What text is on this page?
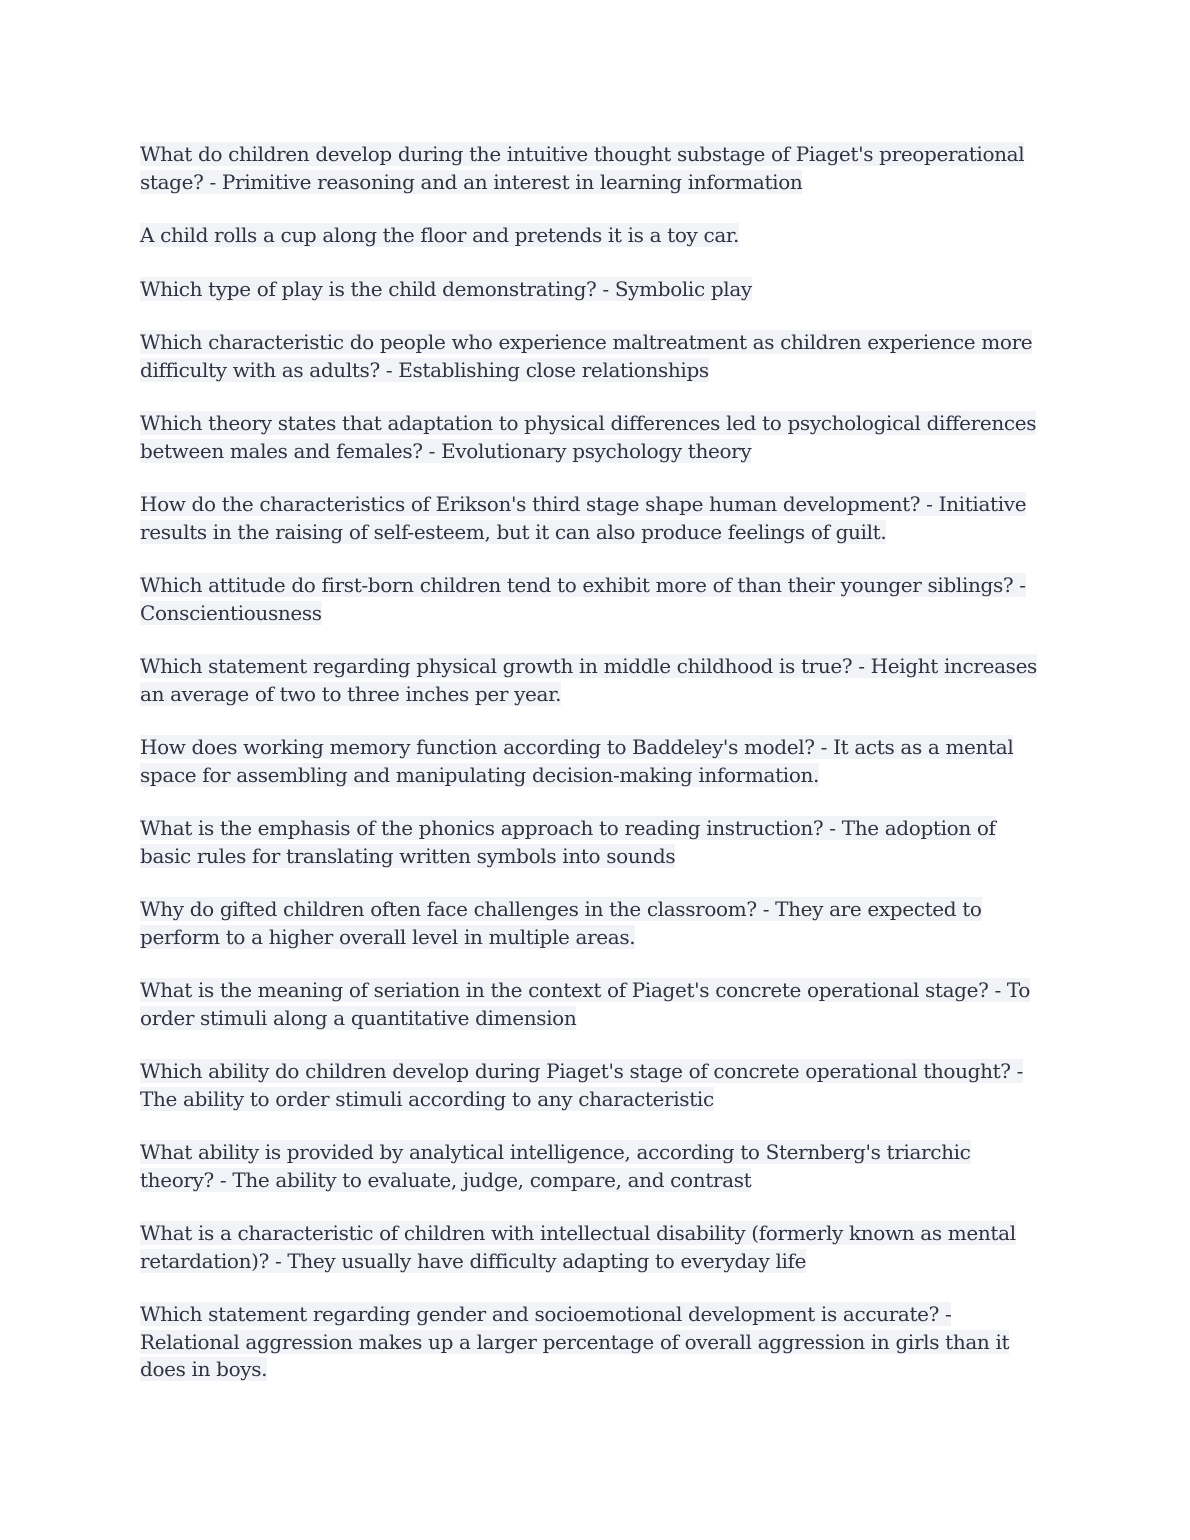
What do children develop during the intuitive thought substage of Piaget's preoperational stage? - Primitive reasoning and an interest in learning information

A child rolls a cup along the floor and pretends it is a toy car.

Which type of play is the child demonstrating? - Symbolic play

Which characteristic do people who experience maltreatment as children experience more difficulty with as adults? - Establishing close relationships

Which theory states that adaptation to physical differences led to psychological differences between males and females? - Evolutionary psychology theory

How do the characteristics of Erikson's third stage shape human development? - Initiative results in the raising of self-esteem, but it can also produce feelings of guilt.

Which attitude do first-born children tend to exhibit more of than their younger siblings? - Conscientiousness

Which statement regarding physical growth in middle childhood is true? - Height increases an average of two to three inches per year.

How does working memory function according to Baddeley's model? - It acts as a mental space for assembling and manipulating decision-making information.

What is the emphasis of the phonics approach to reading instruction? - The adoption of basic rules for translating written symbols into sounds

Why do gifted children often face challenges in the classroom? - They are expected to perform to a higher overall level in multiple areas.

What is the meaning of seriation in the context of Piaget's concrete operational stage? - To order stimuli along a quantitative dimension

Which ability do children develop during Piaget's stage of concrete operational thought? - The ability to order stimuli according to any characteristic

What ability is provided by analytical intelligence, according to Sternberg's triarchic theory? - The ability to evaluate, judge, compare, and contrast

What is a characteristic of children with intellectual disability (formerly known as mental retardation)? - They usually have difficulty adapting to everyday life

Which statement regarding gender and socioemotional development is accurate? - Relational aggression makes up a larger percentage of overall aggression in girls than it does in boys.
